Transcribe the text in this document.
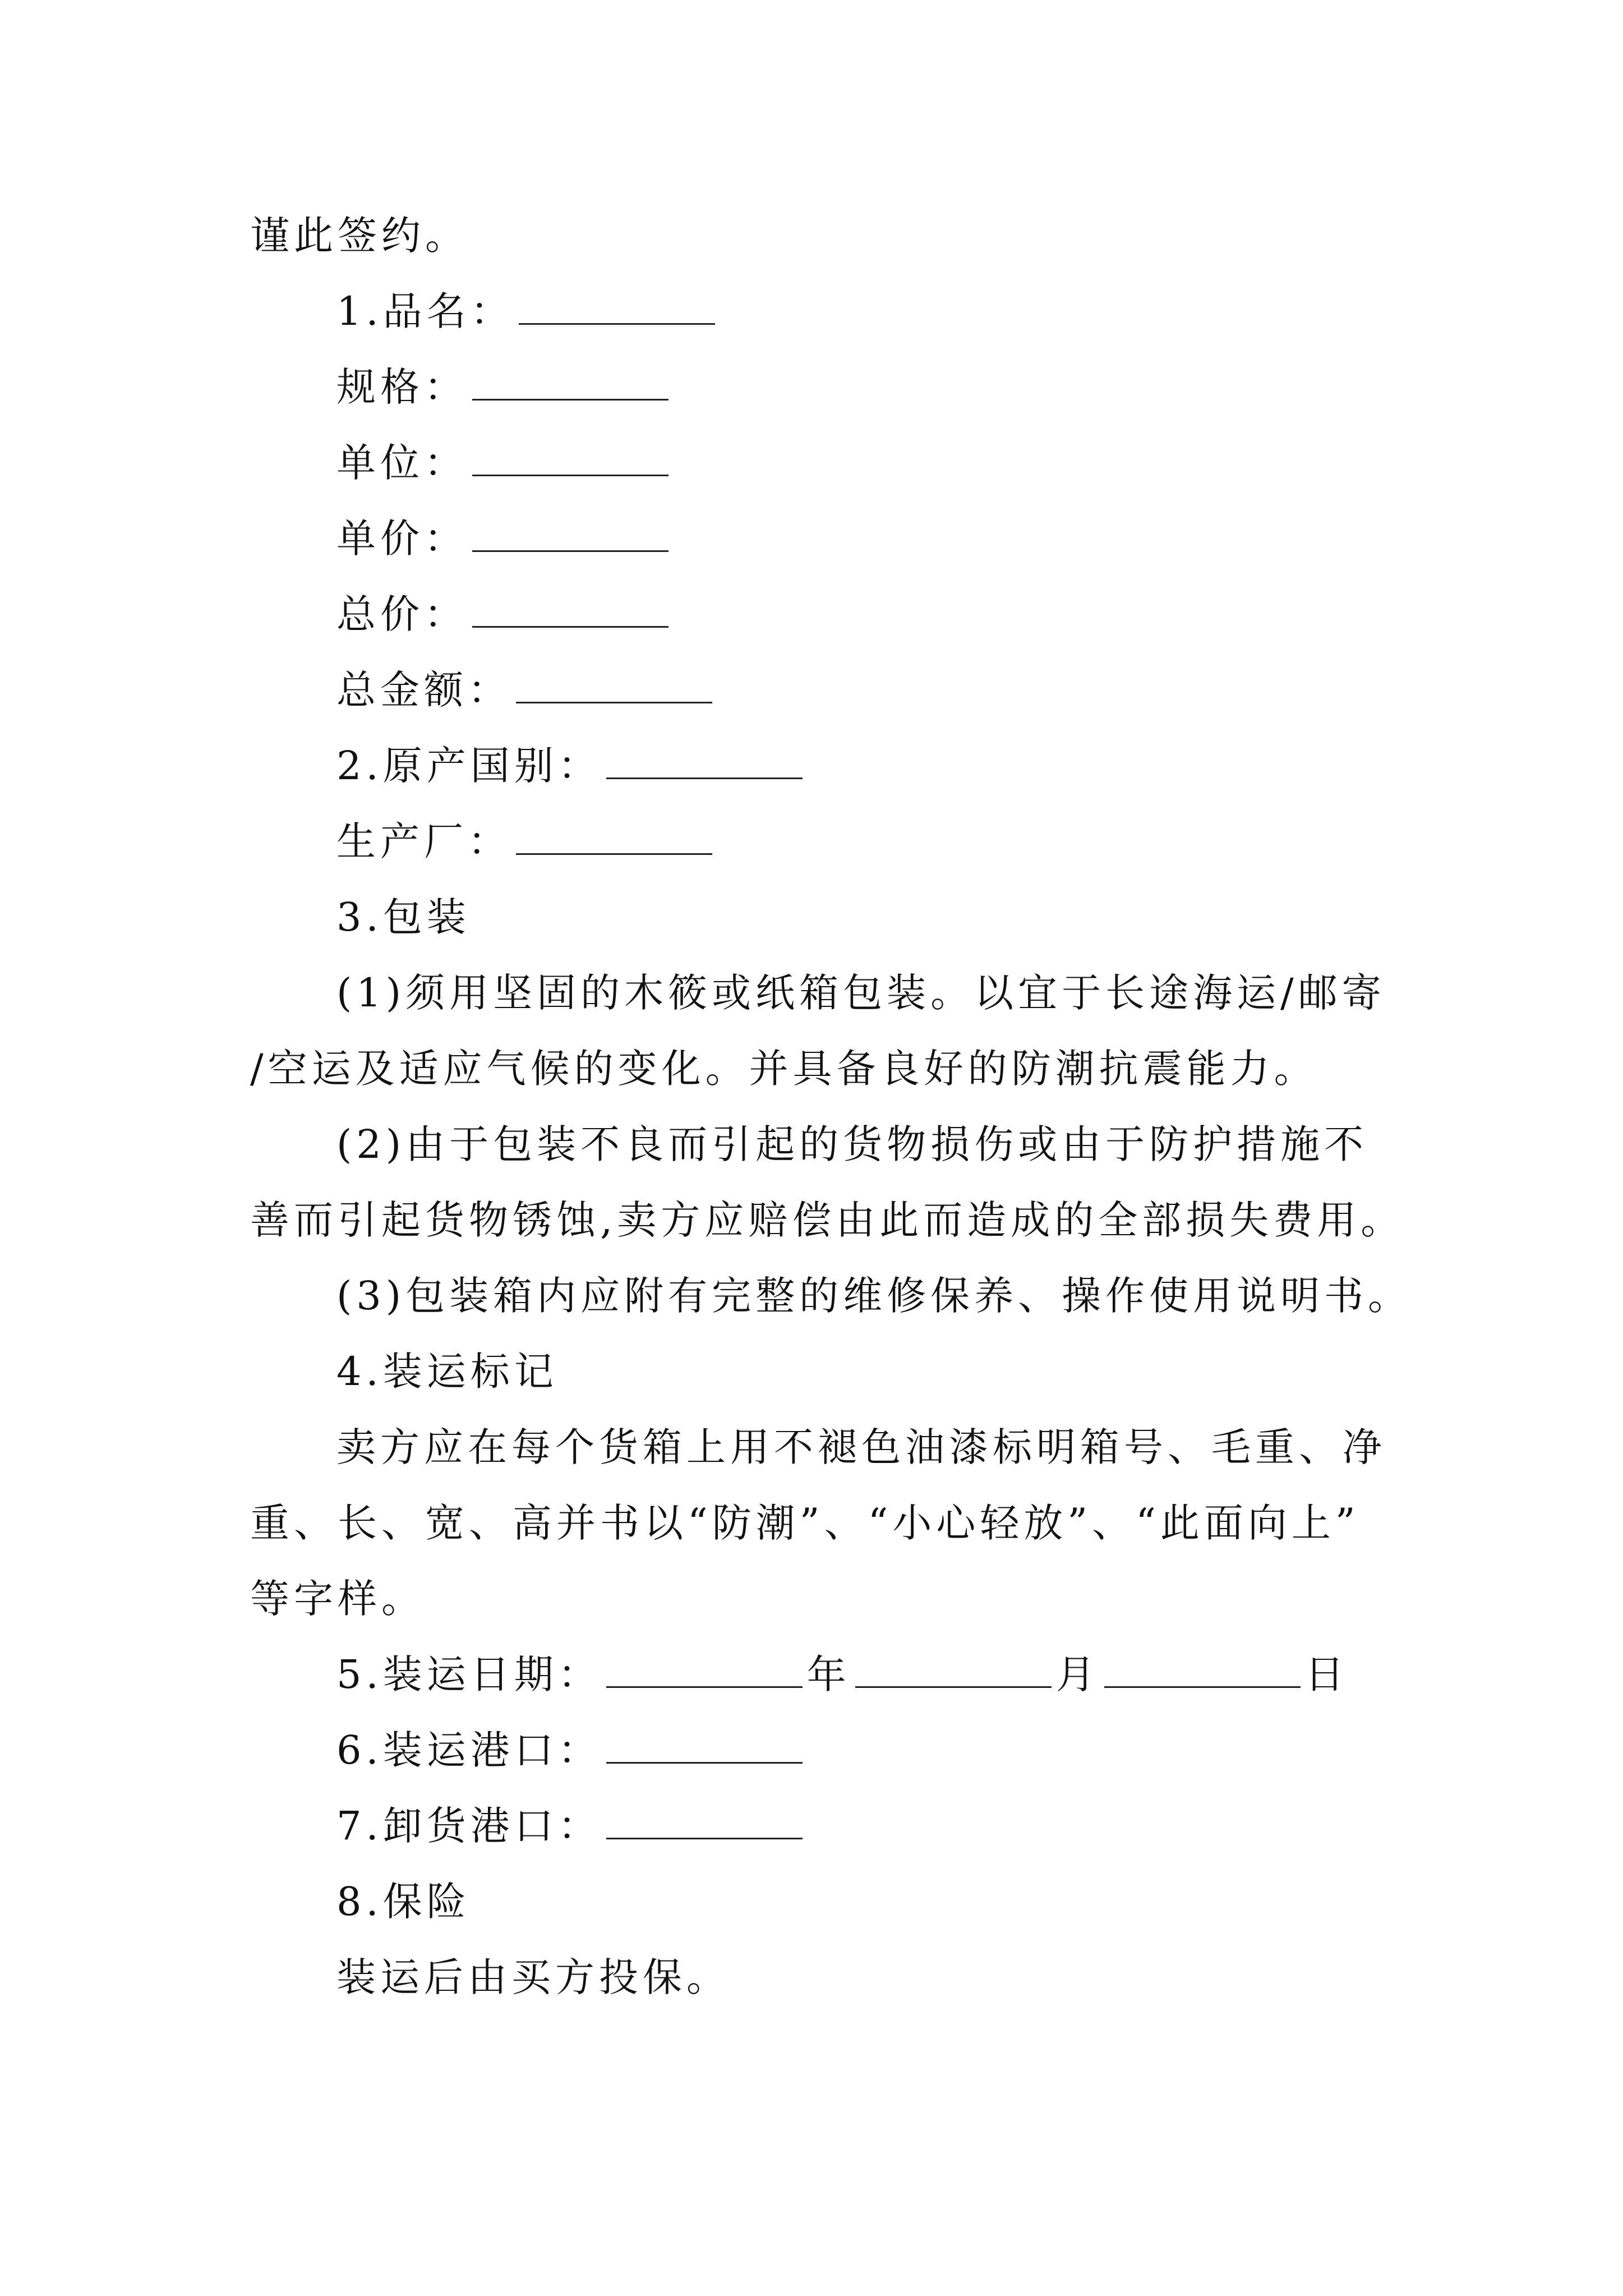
谨此签约。
1.品名：
规格：
单位：
单价：
总价：
总金额：
2.原产国别：
生产厂：
3.包装
(1)须用坚固的木筱或纸箱包装。以宜于长途海运/邮寄
/空运及适应气候的变化。并具备良好的防潮抗震能力。
(2)由于包装不良而引起的货物损伤或由于防护措施不
善而引起货物锈蚀,卖方应赔偿由此而造成的全部损失费用。
(3)包装箱内应附有完整的维修保养、操作使用说明书。
4.装运标记
卖方应在每个货箱上用不褪色油漆标明箱号、毛重、净
重、长、宽、高并书以“防潮”、“小心轻放”、“此面向上”
等字样。
5.装运日期：	年	月	日
6.装运港口：
7.卸货港口：
8.保险
装运后由买方投保。
